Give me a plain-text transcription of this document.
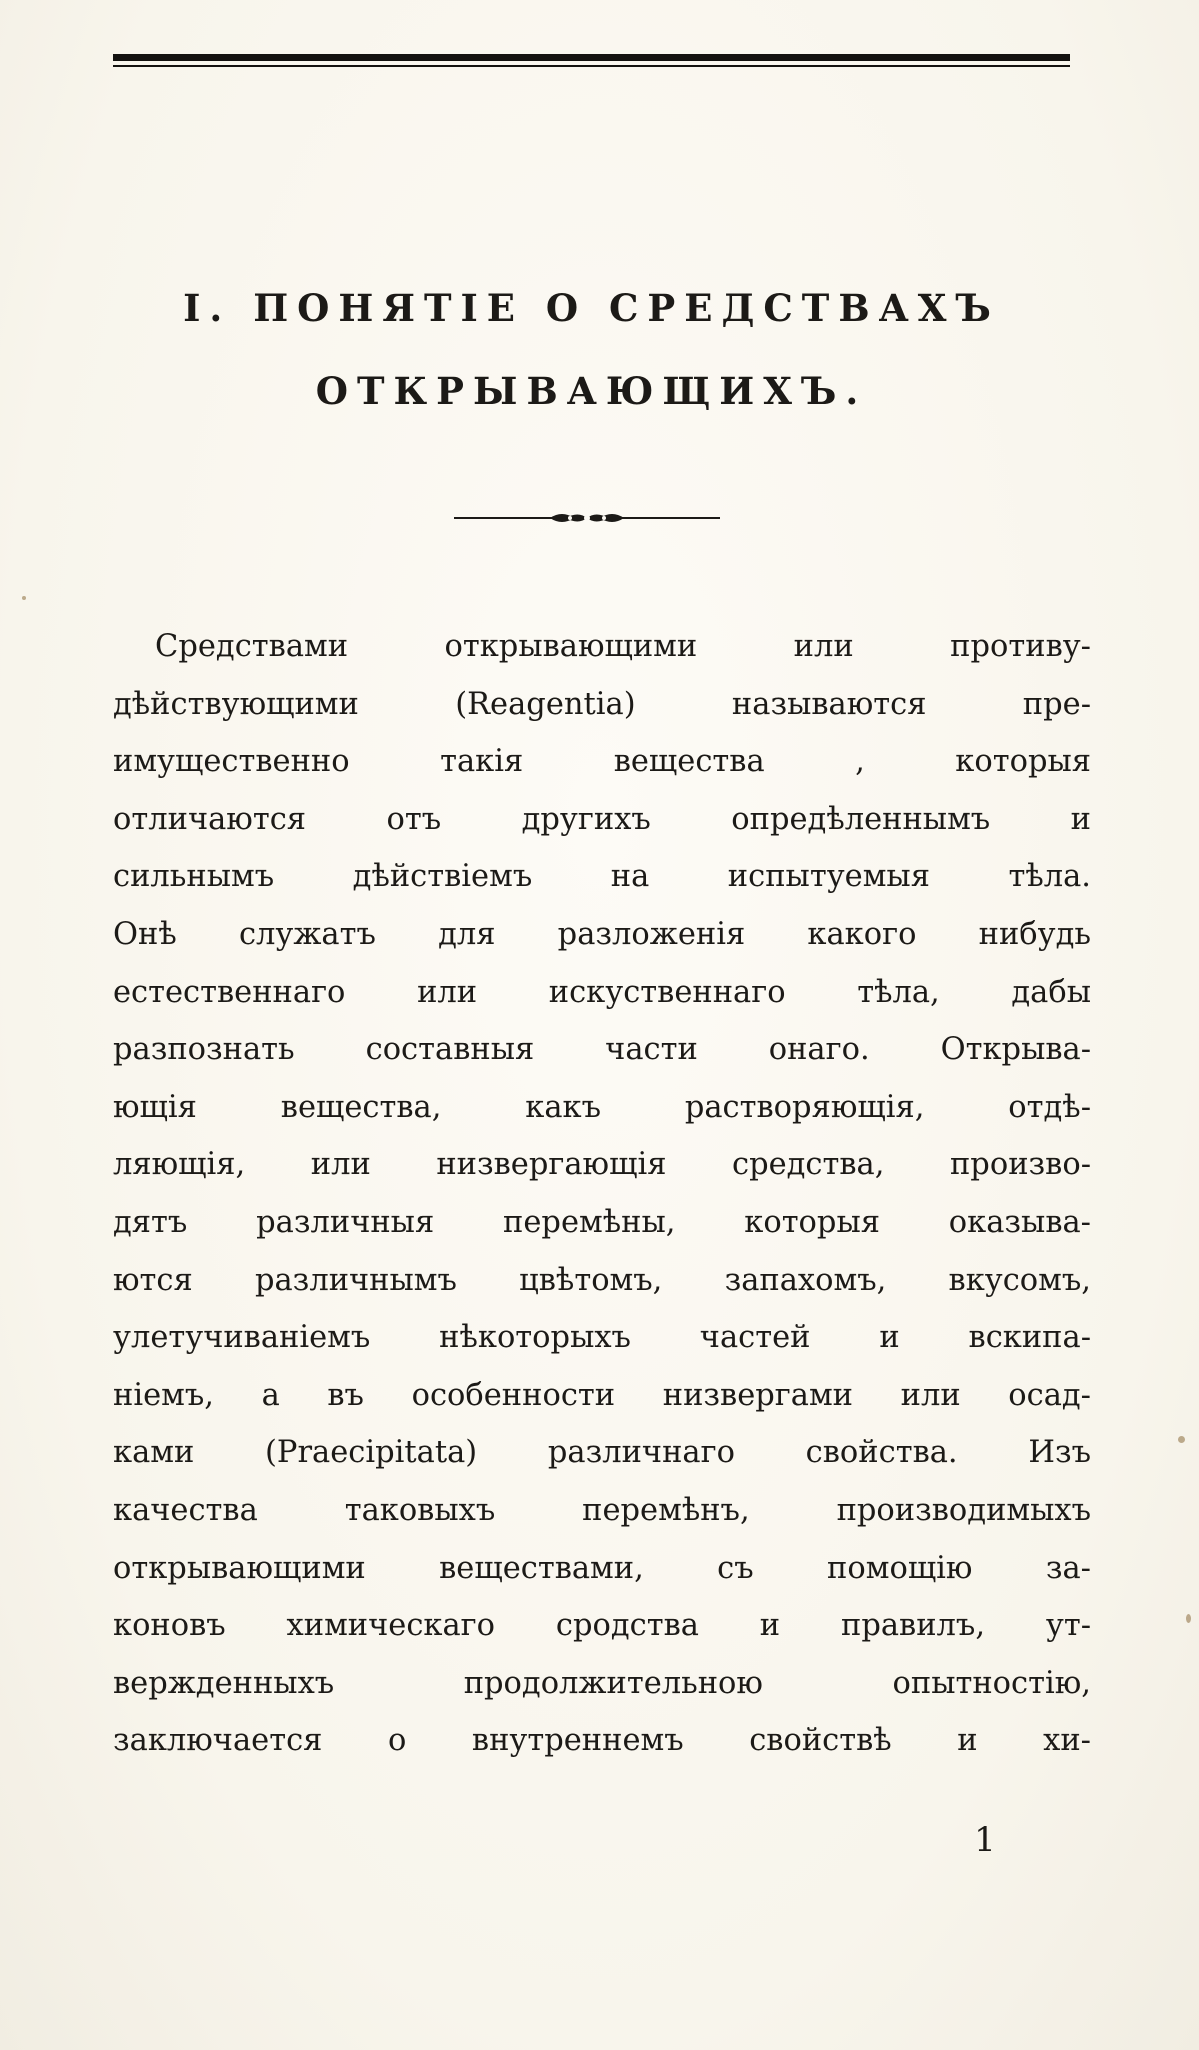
I. ПОНЯТІЕ О СРЕДСТВАХЪ
ОТКРЫВАЮЩИХЪ.
Средствами открывающими или противу-
дѣйствующими (Reagentia) называются пре-
имущественно такія вещества , которыя
отличаются отъ другихъ опредѣленнымъ и
сильнымъ дѣйствіемъ на испытуемыя тѣла.
Онѣ служатъ для разложенія какого нибудь
естественнаго или искуственнаго тѣла, дабы
разпознать составныя части онаго. Открыва-
ющія вещества, какъ растворяющія, отдѣ-
ляющія, или низвергающія средства, произво-
дятъ различныя перемѣны, которыя оказыва-
ются различнымъ цвѣтомъ, запахомъ, вкусомъ,
улетучиваніемъ нѣкоторыхъ частей и вскипа-
ніемъ, а въ особенности низвергами или осад-
ками (Praecipitata) различнаго свойства. Изъ
качества таковыхъ перемѣнъ, производимыхъ
открывающими веществами, съ помощію за-
коновъ химическаго сродства и правилъ, ут-
вержденныхъ продолжительною опытностію,
заключается о внутреннемъ свойствѣ и хи-
1
